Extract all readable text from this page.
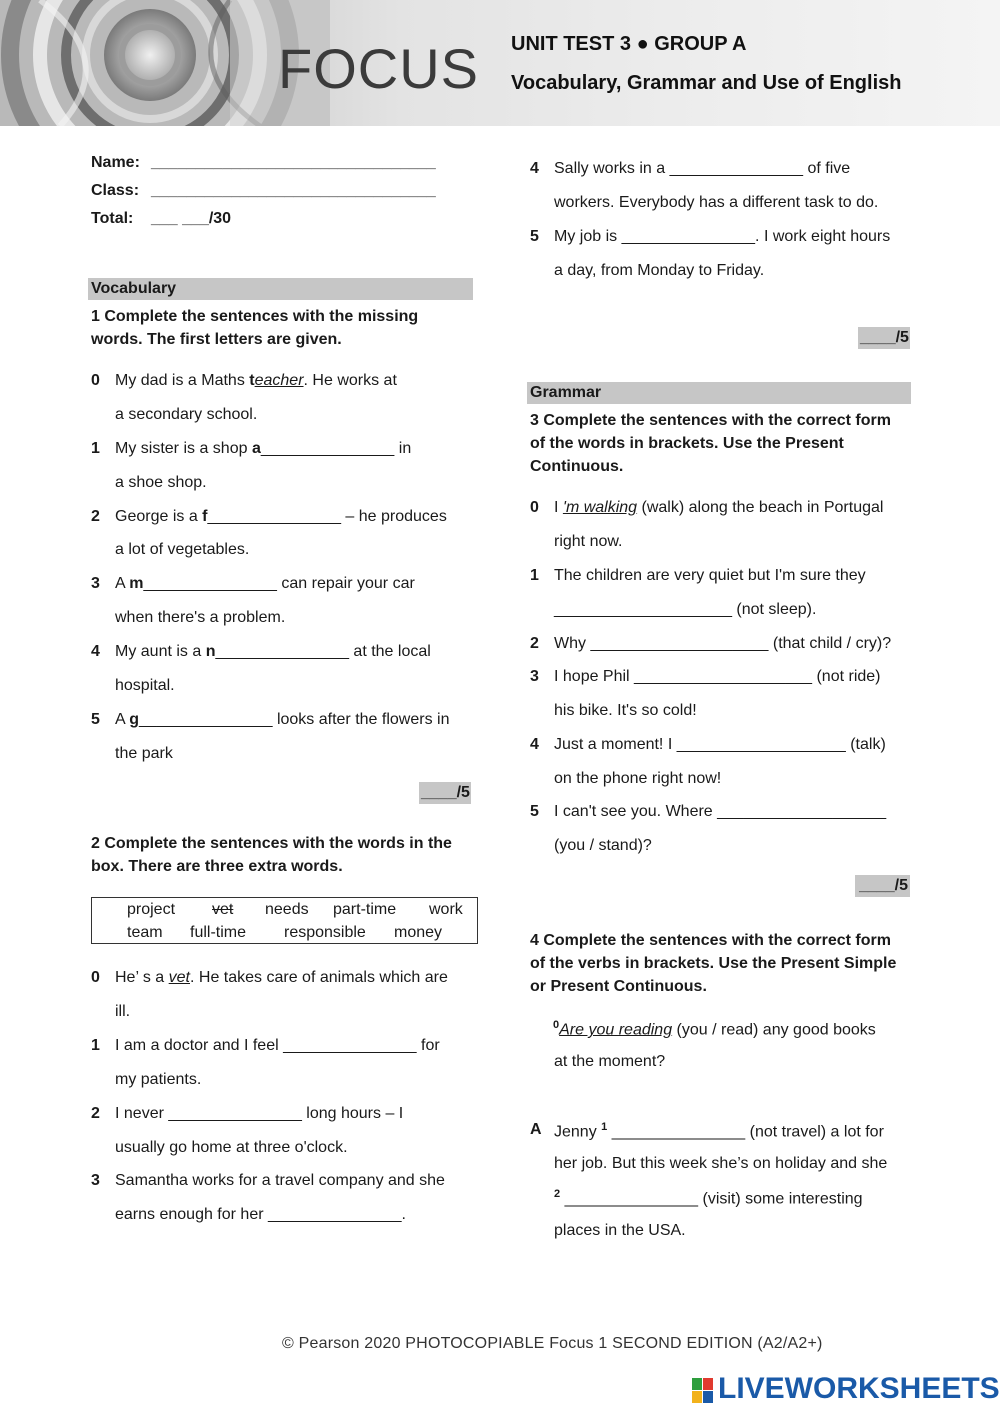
FOCUS UNIT TEST 3 ● GROUP A
Vocabulary, Grammar and Use of English
Name: ________________________________
Class: ________________________________
Total: ___ ___/30
Vocabulary
1 Complete the sentences with the missing
words. The first letters are given.
0 My dad is a Maths teacher. He works at
a secondary school.
1 My sister is a shop a_______________ in
a shoe shop.
2 George is a f_______________ – he produces
a lot of vegetables.
3 A m_______________ can repair your car
when there's a problem.
4 My aunt is a n_______________ at the local
hospital.
5 A g_______________ looks after the flowers in
the park
____/5
2 Complete the sentences with the words in the
box. There are three extra words.
project vet needs part-time work
team full-time responsible money
0 He’ s a vet. He takes care of animals which are
ill.
1 I am a doctor and I feel _______________ for
my patients.
2 I never _______________ long hours – I
usually go home at three o'clock.
3 Samantha works for a travel company and she
earns enough for her _______________.
4 Sally works in a _______________ of five
workers. Everybody has a different task to do.
5 My job is _______________. I work eight hours
a day, from Monday to Friday.
____/5
Grammar
3 Complete the sentences with the correct form
of the words in brackets. Use the Present
Continuous.
0 I 'm walking (walk) along the beach in Portugal
right now.
1 The children are very quiet but I'm sure they
____________________ (not sleep).
2 Why ____________________ (that child / cry)?
3 I hope Phil ____________________ (not ride)
his bike. It's so cold!
4 Just a moment! I ___________________ (talk)
on the phone right now!
5 I can't see you. Where ___________________
(you / stand)?
____/5
4 Complete the sentences with the correct form
of the verbs in brackets. Use the Present Simple
or Present Continuous.
$^0$Are you reading (you / read) any good books
at the moment?
A Jenny $^1$ _______________ (not travel) a lot for
her job. But this week she’s on holiday and she
$^2$ _______________ (visit) some interesting
places in the USA.
© Pearson 2020 PHOTOCOPIABLE Focus 1 SECOND EDITION (A2/A2+)
LIVEWORKSHEETS
